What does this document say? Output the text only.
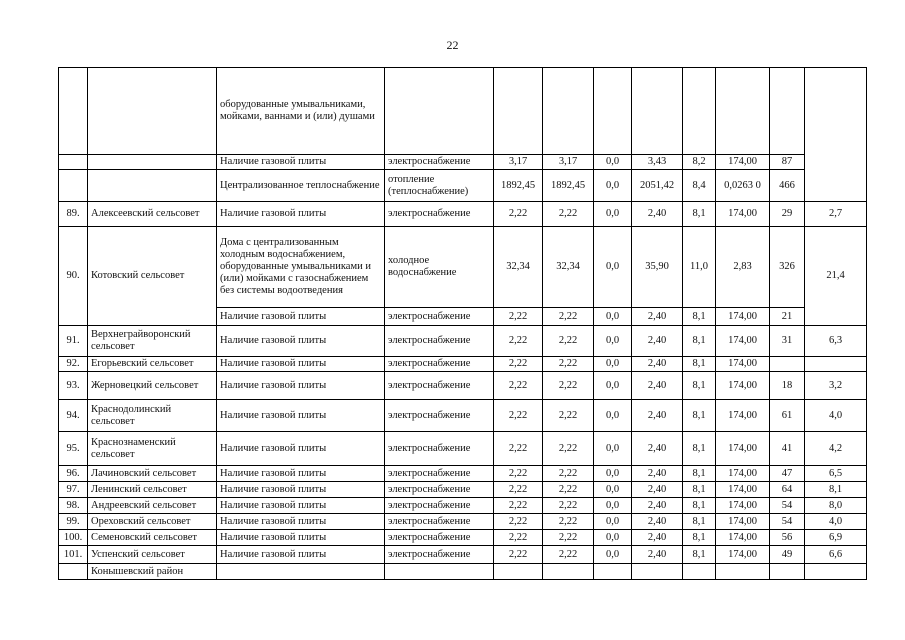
22
		оборудованные умывальниками, мойками, ваннами и (или) душами									
		Наличие газовой плиты	электроснабжение	3,17	3,17	0,0	3,43	8,2	174,00	87	
		Централизованное теплоснабжение	отопление (теплоснабжение)	1892,45	1892,45	0,0	2051,42	8,4	0,0263 0	466	
89.	Алексеевский сельсовет	Наличие газовой плиты	электроснабжение	2,22	2,22	0,0	2,40	8,1	174,00	29	2,7
90.	Котовский сельсовет	Дома с централизованным холодным водоснабжением, оборудованные умывальниками и (или) мойками с газоснабжением без системы водоотведения	холодное водоснабжение	32,34	32,34	0,0	35,90	11,0	2,83	326	21,4
		Наличие газовой плиты	электроснабжение	2,22	2,22	0,0	2,40	8,1	174,00	21	
91.	Верхнеграйворонский сельсовет	Наличие газовой плиты	электроснабжение	2,22	2,22	0,0	2,40	8,1	174,00	31	6,3
92.	Егорьевский сельсовет	Наличие газовой плиты	электроснабжение	2,22	2,22	0,0	2,40	8,1	174,00		
93.	Жерновецкий сельсовет	Наличие газовой плиты	электроснабжение	2,22	2,22	0,0	2,40	8,1	174,00	18	3,2
94.	Краснодолинский сельсовет	Наличие газовой плиты	электроснабжение	2,22	2,22	0,0	2,40	8,1	174,00	61	4,0
95.	Краснознаменский сельсовет	Наличие газовой плиты	электроснабжение	2,22	2,22	0,0	2,40	8,1	174,00	41	4,2
96.	Лачиновский сельсовет	Наличие газовой плиты	электроснабжение	2,22	2,22	0,0	2,40	8,1	174,00	47	6,5
97.	Ленинский сельсовет	Наличие газовой плиты	электроснабжение	2,22	2,22	0,0	2,40	8,1	174,00	64	8,1
98.	Андреевский сельсовет	Наличие газовой плиты	электроснабжение	2,22	2,22	0,0	2,40	8,1	174,00	54	8,0
99.	Ореховский сельсовет	Наличие газовой плиты	электроснабжение	2,22	2,22	0,0	2,40	8,1	174,00	54	4,0
100.	Семеновский сельсовет	Наличие газовой плиты	электроснабжение	2,22	2,22	0,0	2,40	8,1	174,00	56	6,9
101.	Успенский сельсовет	Наличие газовой плиты	электроснабжение	2,22	2,22	0,0	2,40	8,1	174,00	49	6,6
	Конышевский район										
